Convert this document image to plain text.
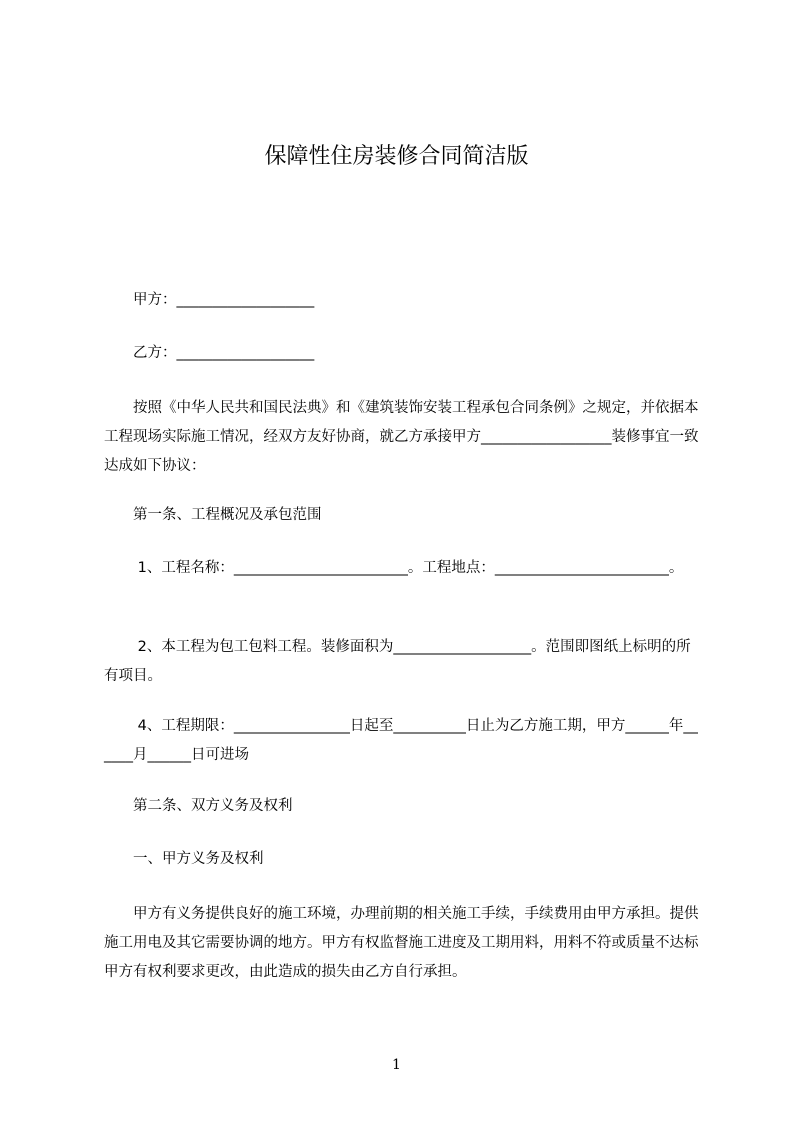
保障性住房装修合同简洁版

　　甲方：___________________

　　乙方：___________________

　　按照《中华人民共和国民法典》和《建筑装饰安装工程承包合同条例》之规定，并依据本工程现场实际施工情况，经双方友好协商，就乙方承接甲方__________________装修事宜一致达成如下协议：

　　第一条、工程概况及承包范围

　　 1、工程名称：________________________。工程地点：________________________。

　　 2、本工程为包工包料工程。装修面积为___________________。范围即图纸上标明的所有项目。

　　 4、工程期限：________________日起至__________日止为乙方施工期，甲方______年______月______日可进场

　　第二条、双方义务及权利

　　一、甲方义务及权利

　　甲方有义务提供良好的施工环境，办理前期的相关施工手续，手续费用由甲方承担。提供施工用电及其它需要协调的地方。甲方有权监督施工进度及工期用料，用料不符或质量不达标甲方有权利要求更改，由此造成的损失由乙方自行承担。

1
